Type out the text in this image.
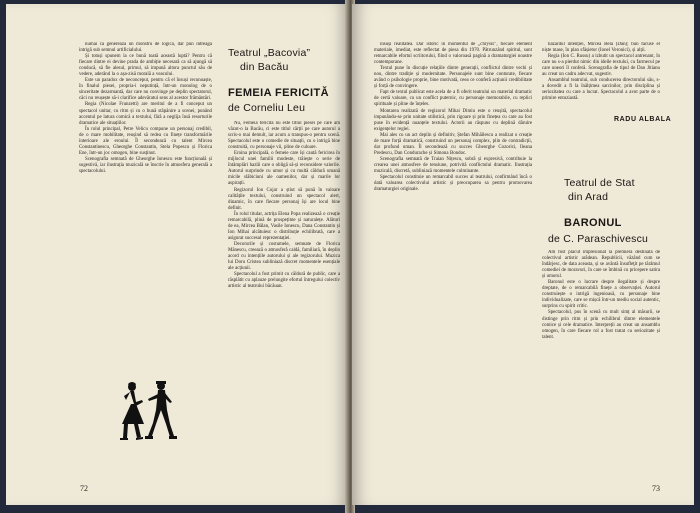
numai că generează un monstru de logică, dar pun întreaga intrigă sub semnul artificialului.

Și totuși spunem la ce bună toată această luptă? Pentru că fiecare dintre ei devine prada de ambiție necesară ca să ajungă să conducă, să fie alesul, primul, să impună altora punctul său de vedere, aderând la o așa-zisă morală a veacului.

Este un paradox de neconceput, pentru că el însuși recunoaște, în finalul piesei, propria-i neputință, într-un monolog de o sinceritate dezarmantă, dar care nu convinge pe deplin spectatorul, căci nu reușește să-i clarifice adevăratul sens al acestor frământări.

Regia (Nicolae Frunzetti) are meritul de a fi conceput un spectacol unitar, cu ritm și cu o bună stăpânire a scenei, punând accentul pe latura comică a textului, fără a neglija însă resorturile dramatice ale situațiilor.

În rolul principal, Petre Velicu compune un personaj credibil, de o mare mobilitate, reușind să redea cu finețe transformările interioare ale eroului. Îl secondează cu talent Mircea Constantinescu, Gheorghe Constantin, Stela Popescu și Florica Ene, într-un joc omogen, bine susținut.

Scenografia semnată de Gheorghe Ionescu este funcțională și sugestivă, iar ilustrația muzicală se înscrie în atmosfera generală a spectacolului.

Teatrul „Bacovia”
din Bacău
FEMEIA FERICITĂ
de Corneliu Leu

Nu, Femeia fericită nu este titlul piesei pe care am văzut-o la Bacău, ci este titlul cărții pe care autorul a scris-o mai demult, iar acum a transpus-o pentru scenă. Spectacolul este o comedie de situații, cu o intrigă bine construită, cu personaje vii, pline de culoare.

Eroina principală, o femeie care își caută fericirea în mijlocul unei familii modeste, trăiește o serie de întâmplări hazlii care o obligă să-și reconsidere valorile. Autorul surprinde cu umor și cu multă căldură umană micile slăbiciuni ale oamenilor, dar și marile lor aspirații.

Regizorul Ion Cojar a știut să pună în valoare calitățile textului, construind un spectacol alert, dinamic, în care fiecare personaj își are locul bine definit.

În rolul titular, actrița Elena Popa realizează o creație remarcabilă, plină de prospețime și naturalețe. Alături de ea, Mircea Bălan, Vasile Ionescu, Dana Constantin și Ion Mihai alcătuiesc o distribuție echilibrată, care a asigurat succesul reprezentației.

Decorurile și costumele, semnate de Florica Mănescu, creează o atmosferă caldă, familiară, în deplin acord cu intențiile autorului și ale regizorului. Muzica lui Doru Cristea subliniază discret momentele esențiale ale acțiunii.

Spectacolul a fost primit cu căldură de public, care a răsplătit cu aplauze prelungite efortul întregului colectiv artistic al teatrului băcăuan.

72

însuși realitatea. Dar istoric în momentul de „chrysis”, fiecare element materiale, imediat, este reflectat de piesa din 1970. Pătrunzând spiritul, sunt remarcabile efortul scriitorului, fiind o valoroasă pagină a dramaturgiei noastre contemporane.

Textul pune în discuție relațiile dintre generații, conflictul dintre vechi și nou, dintre tradiție și modernitate. Personajele sunt bine conturate, fiecare având o psihologie proprie, bine motivată, ceea ce conferă acțiunii credibilitate și forță de convingere.

Fapt de textul publicat este acela de a fi oferit teatrului un material dramatic de certă valoare, cu un conflict puternic, cu personaje memorabile, cu replici spirituale și pline de înțeles.

Montarea realizată de regizorul Mihai Dimiu este o reușită, spectacolul impunându-se prin unitate stilistică, prin rigoare și prin finețea cu care au fost puse în evidență nuanțele textului. Actorii au răspuns cu deplină dăruire exigențelor regiei.

Mai ales cu un act deplin și definitiv, Ștefan Mihăilescu a realizat o creație de mare forță dramatică, construind un personaj complex, plin de contradicții, dar profund uman. Îl secondează cu succes Gheorghe Cozorici, Ileana Predescu, Dan Condurache și Simona Bondoc.

Scenografia semnată de Traian Nițescu, sobră și expresivă, contribuie la crearea unei atmosfere de tensiune, potrivită conflictului dramatic. Ilustrația muzicală, discretă, subliniază momentele culminante.

Spectacolul constituie un remarcabil succes al teatrului, confirmând încă o dată valoarea colectivului artistic și preocuparea sa pentru promovarea dramaturgiei originale.

hazardul intenției, Mircea Bela (Dan); bun făcuse el niște mase, în plan sfâșietor (Ionel Veronici), și alții.

Regia (Ion C. Russu) a izbutit un spectacol antrenant, în care nu s-a pierdut nimic din ideile textului, cu farmecul pe care uneori îl conferă. Scenografia de tipul de Dan Jitianu au creat un cadru adecvat, sugestiv.

Ansamblul teatrului, sub conducerea directorului său, s-a dovedit a fi la înălțimea sarcinilor, prin disciplina și seriozitatea cu care a lucrat. Spectacolul a avut parte de o primire entuziastă.

RADU ALBALA
Teatrul de Stat
din Arad
BARONUL
de C. Paraschivescu

Am fost plăcut impresionat la premiera destinată de colectivul artistic arădean. Republicii, văzând cum se îndârjesc, de data aceasta, și se avântă însufleţit pe tărâmul comediei de moravuri, în care se îmbină cu pricepere satira și umorul.

Baronul este o lucrare despre ilegalitate și despre dreptate, de o remarcabilă finețe a observației. Autorul construiește o intrigă ingenioasă, cu personaje bine individualizate, care se mișcă într-un mediu social autentic, surprins cu spirit critic.

Spectacolul, pus în scenă cu mult simț al măsurii, se distinge prin ritm și prin echilibrul dintre elementele comice și cele dramatice. Interpreții au creat un ansamblu omogen, în care fiecare rol a fost tratat cu seriozitate și talent.

73
